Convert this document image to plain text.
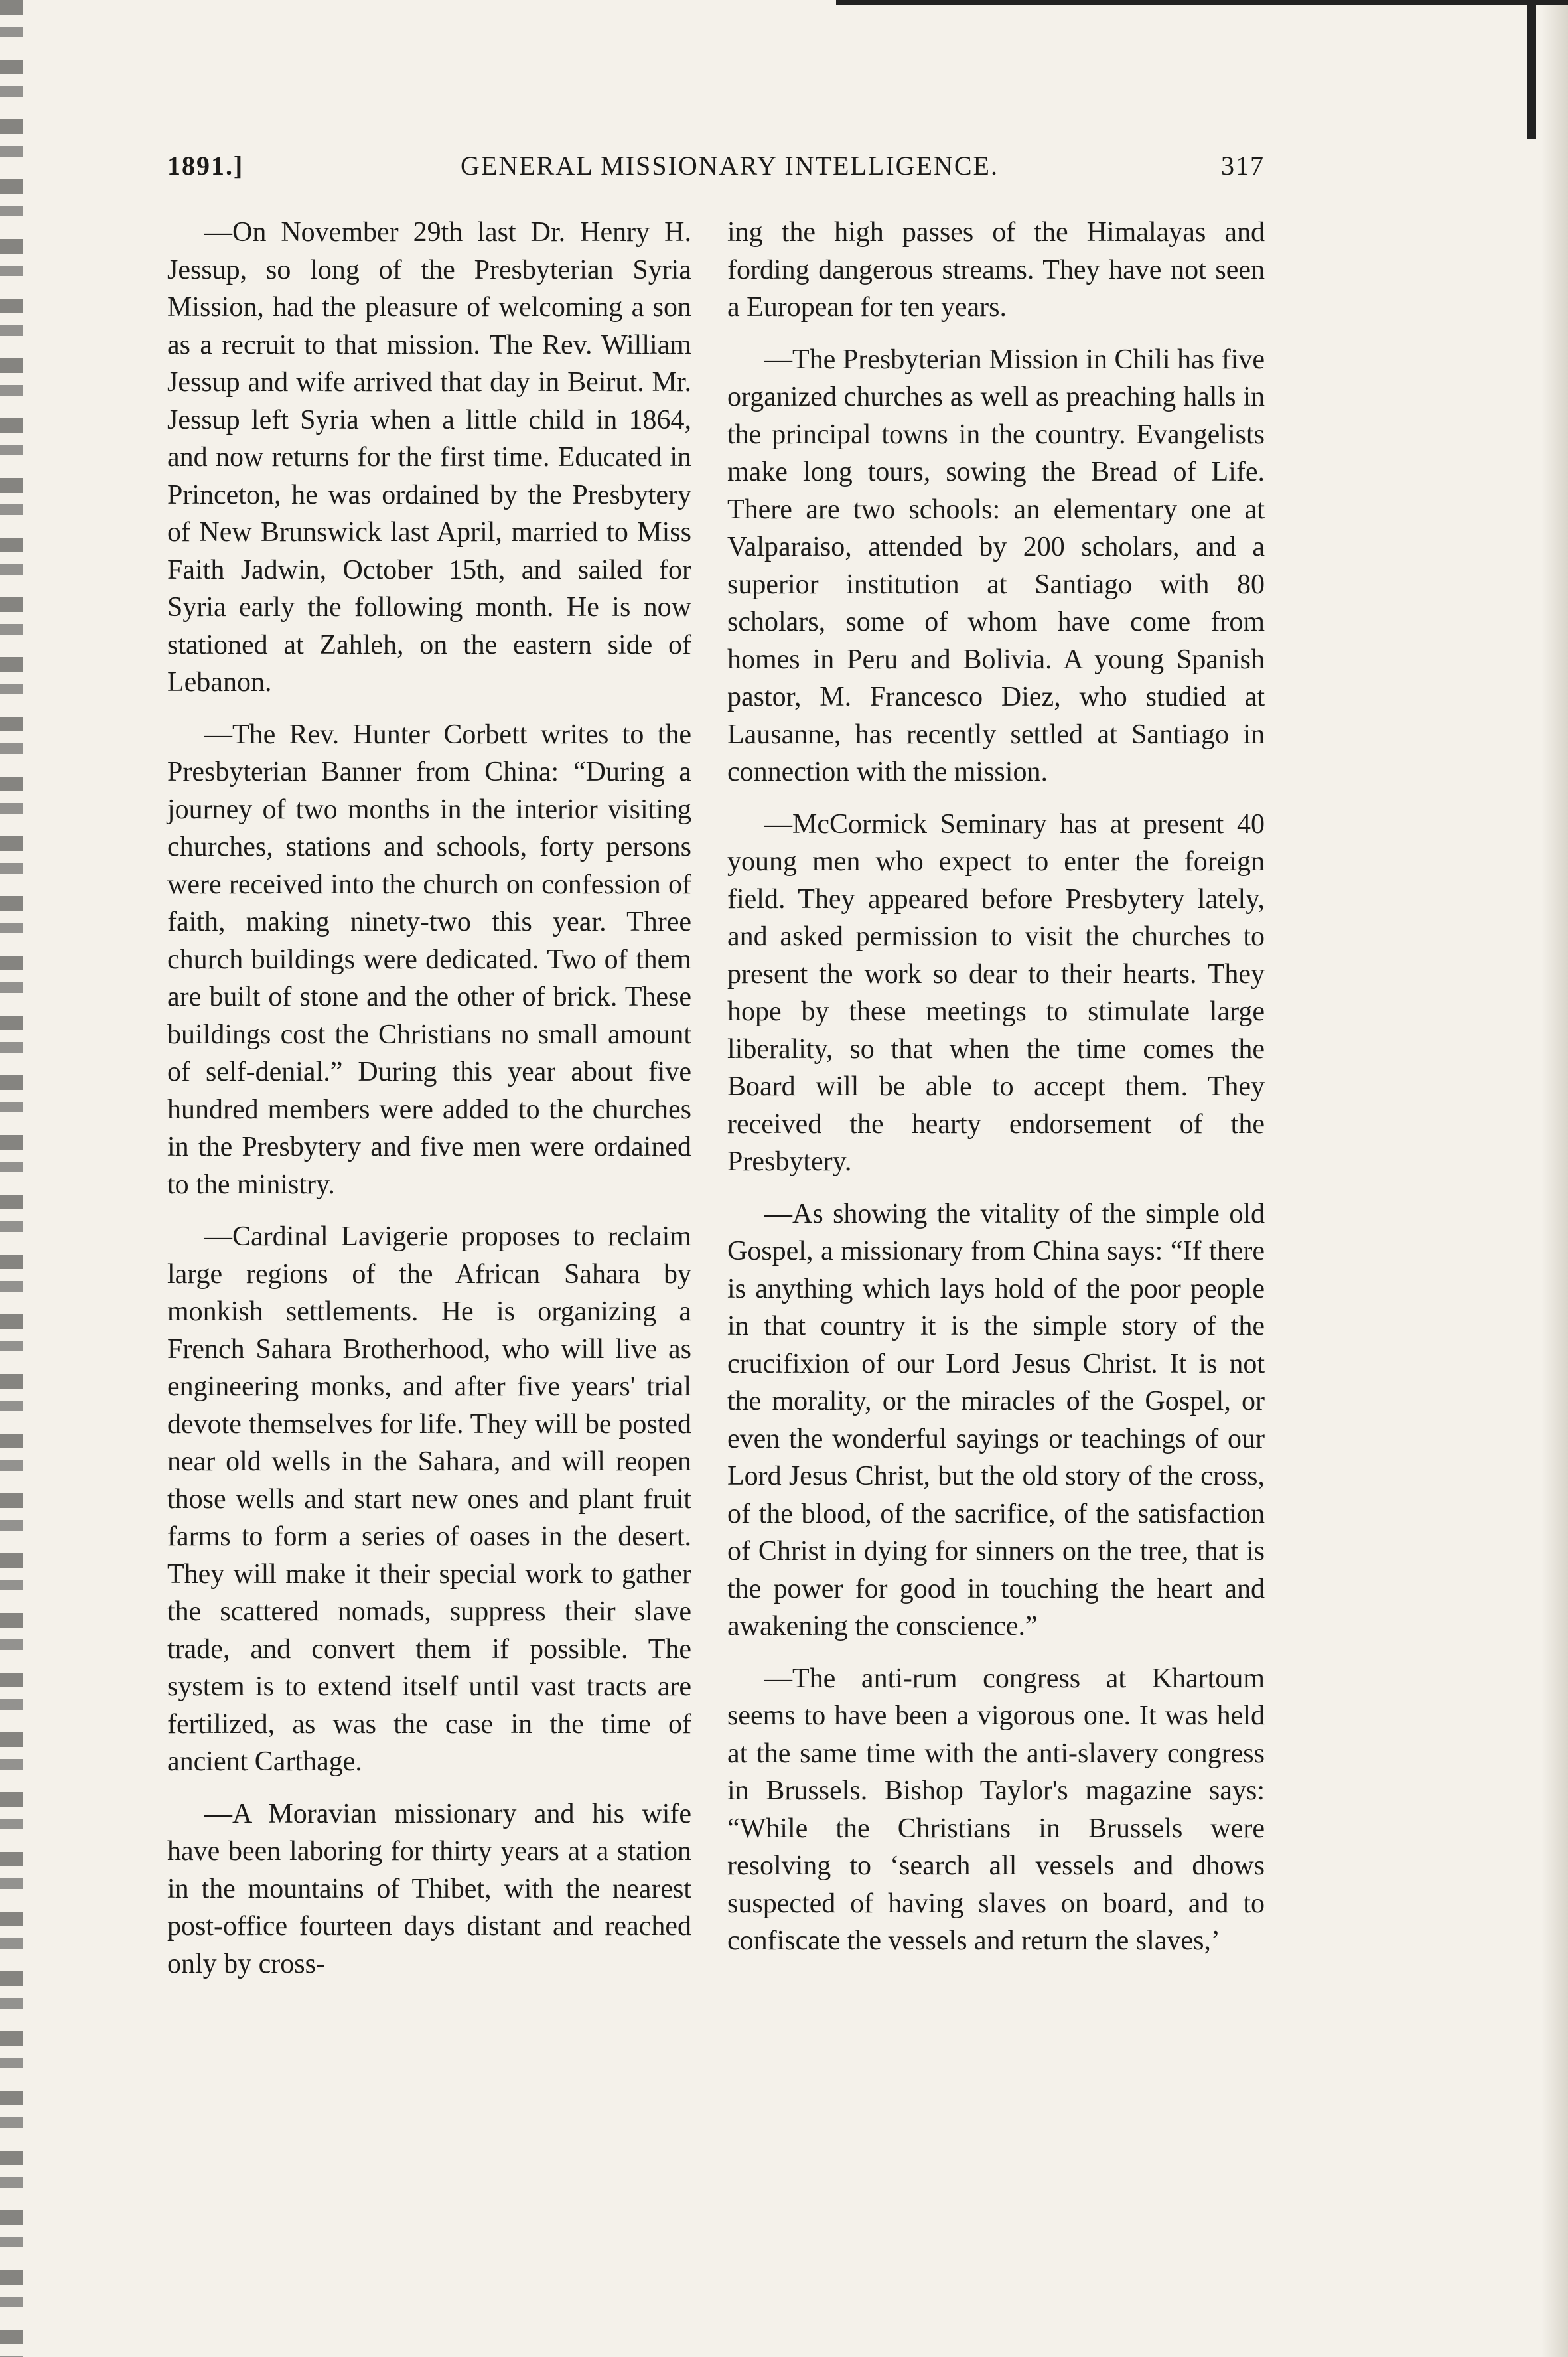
1891.]	GENERAL MISSIONARY INTELLIGENCE.	317

—On November 29th last Dr. Henry H. Jessup, so long of the Presbyterian Syria Mission, had the pleasure of welcoming a son as a recruit to that mission. The Rev. William Jessup and wife arrived that day in Beirut. Mr. Jessup left Syria when a little child in 1864, and now returns for the first time. Educated in Princeton, he was ordained by the Presbytery of New Brunswick last April, married to Miss Faith Jadwin, October 15th, and sailed for Syria early the following month. He is now stationed at Zahleh, on the eastern side of Lebanon.

—The Rev. Hunter Corbett writes to the Presbyterian Banner from China: “During a journey of two months in the interior visiting churches, stations and schools, forty persons were received into the church on confession of faith, making ninety-two this year. Three church buildings were dedicated. Two of them are built of stone and the other of brick. These buildings cost the Christians no small amount of self-denial.” During this year about five hundred members were added to the churches in the Presbytery and five men were ordained to the ministry.

—Cardinal Lavigerie proposes to reclaim large regions of the African Sahara by monkish settlements. He is organizing a French Sahara Brotherhood, who will live as engineering monks, and after five years' trial devote themselves for life. They will be posted near old wells in the Sahara, and will reopen those wells and start new ones and plant fruit farms to form a series of oases in the desert. They will make it their special work to gather the scattered nomads, suppress their slave trade, and convert them if possible. The system is to extend itself until vast tracts are fertilized, as was the case in the time of ancient Carthage.

—A Moravian missionary and his wife have been laboring for thirty years at a station in the mountains of Thibet, with the nearest post-office fourteen days distant and reached only by cross-

ing the high passes of the Himalayas and fording dangerous streams. They have not seen a European for ten years.

—The Presbyterian Mission in Chili has five organized churches as well as preaching halls in the principal towns in the country. Evangelists make long tours, sowing the Bread of Life. There are two schools: an elementary one at Valparaiso, attended by 200 scholars, and a superior institution at Santiago with 80 scholars, some of whom have come from homes in Peru and Bolivia. A young Spanish pastor, M. Francesco Diez, who studied at Lausanne, has recently settled at Santiago in connection with the mission.

—McCormick Seminary has at present 40 young men who expect to enter the foreign field. They appeared before Presbytery lately, and asked permission to visit the churches to present the work so dear to their hearts. They hope by these meetings to stimulate large liberality, so that when the time comes the Board will be able to accept them. They received the hearty endorsement of the Presbytery.

—As showing the vitality of the simple old Gospel, a missionary from China says: “If there is anything which lays hold of the poor people in that country it is the simple story of the crucifixion of our Lord Jesus Christ. It is not the morality, or the miracles of the Gospel, or even the wonderful sayings or teachings of our Lord Jesus Christ, but the old story of the cross, of the blood, of the sacrifice, of the satisfaction of Christ in dying for sinners on the tree, that is the power for good in touching the heart and awakening the conscience.”

—The anti-rum congress at Khartoum seems to have been a vigorous one. It was held at the same time with the anti-slavery congress in Brussels. Bishop Taylor's magazine says: “While the Christians in Brussels were resolving to ‘search all vessels and dhows suspected of having slaves on board, and to confiscate the vessels and return the slaves,’
